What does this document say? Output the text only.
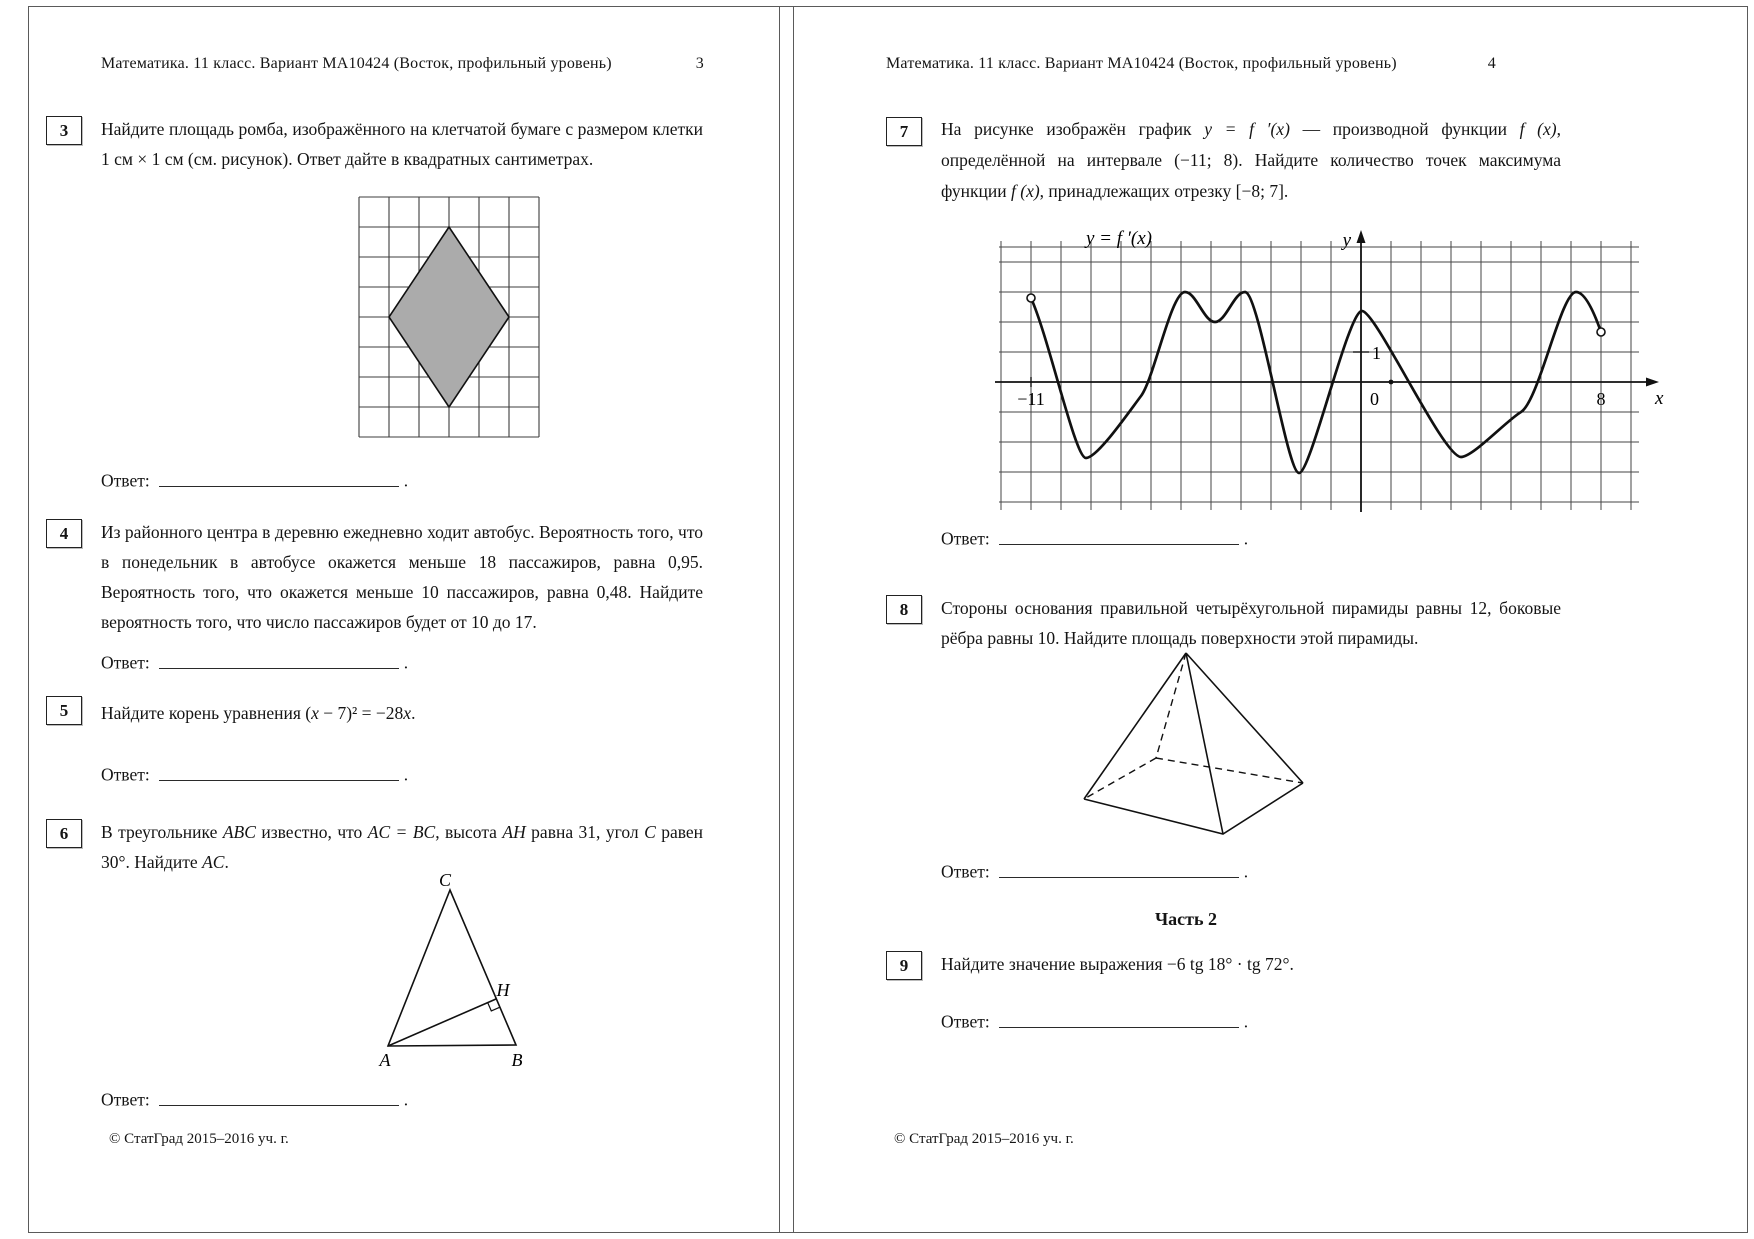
Математика. 11 класс. Вариант МА10424 (Восток, профильный уровень)	3
3 Найдите площадь ромба, изображённого на клетчатой бумаге с размером клетки 1 см × 1 см (см. рисунок). Ответ дайте в квадратных сантиметрах.
Ответ:	.
4 Из районного центра в деревню ежедневно ходит автобус. Вероятность того, что в понедельник в автобусе окажется меньше 18 пассажиров, равна 0,95. Вероятность того, что окажется меньше 10 пассажиров, равна 0,48. Найдите вероятность того, что число пассажиров будет от 10 до 17.
Ответ:	.
5 Найдите корень уравнения (x − 7)² = −28x.
Ответ:	.
6 В треугольнике ABC известно, что AC = BC, высота AH равна 31, угол C равен 30°. Найдите AC.
C
A	B
H
Ответ:	.
© СтатГрад 2015–2016 уч. г.
Математика. 11 класс. Вариант МА10424 (Восток, профильный уровень)	4
7 На рисунке изображён график y = f ′(x) — производной функции f (x), определённой на интервале (−11; 8). Найдите количество точек максимума функции f (x), принадлежащих отрезку [−8; 7].
y = f ′(x)	y
x
−11	0
1
8
Ответ:	.
8 Стороны основания правильной четырёхугольной пирамиды равны 12, боковые рёбра равны 10. Найдите площадь поверхности этой пирамиды.
Ответ:	.
Часть 2
9 Найдите значение выражения −6 tg 18° · tg 72°.
Ответ:	.
© СтатГрад 2015–2016 уч. г.
